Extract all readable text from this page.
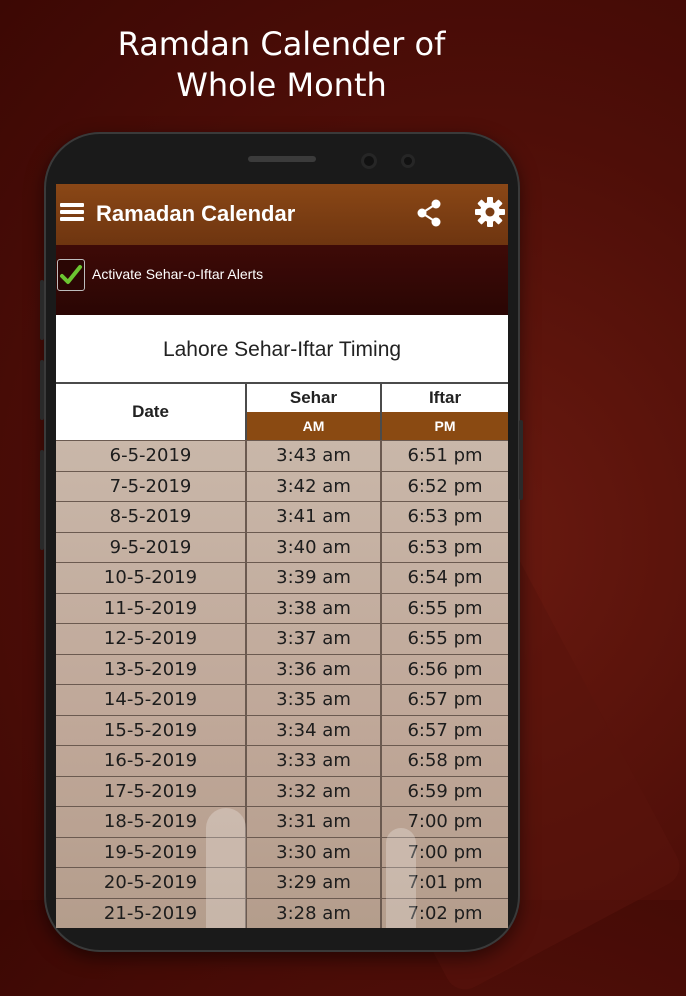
Ramdan Calender of
Whole Month
Ramadan Calendar
Activate Sehar-o-Iftar Alerts
Lahore Sehar-Iftar Timing
Date
Sehar
AM
Iftar
PM
6-5-2019	3:43 am	6:51 pm
7-5-2019	3:42 am	6:52 pm
8-5-2019	3:41 am	6:53 pm
9-5-2019	3:40 am	6:53 pm
10-5-2019	3:39 am	6:54 pm
11-5-2019	3:38 am	6:55 pm
12-5-2019	3:37 am	6:55 pm
13-5-2019	3:36 am	6:56 pm
14-5-2019	3:35 am	6:57 pm
15-5-2019	3:34 am	6:57 pm
16-5-2019	3:33 am	6:58 pm
17-5-2019	3:32 am	6:59 pm
18-5-2019	3:31 am	7:00 pm
19-5-2019	3:30 am	7:00 pm
20-5-2019	3:29 am	7:01 pm
21-5-2019	3:28 am	7:02 pm
